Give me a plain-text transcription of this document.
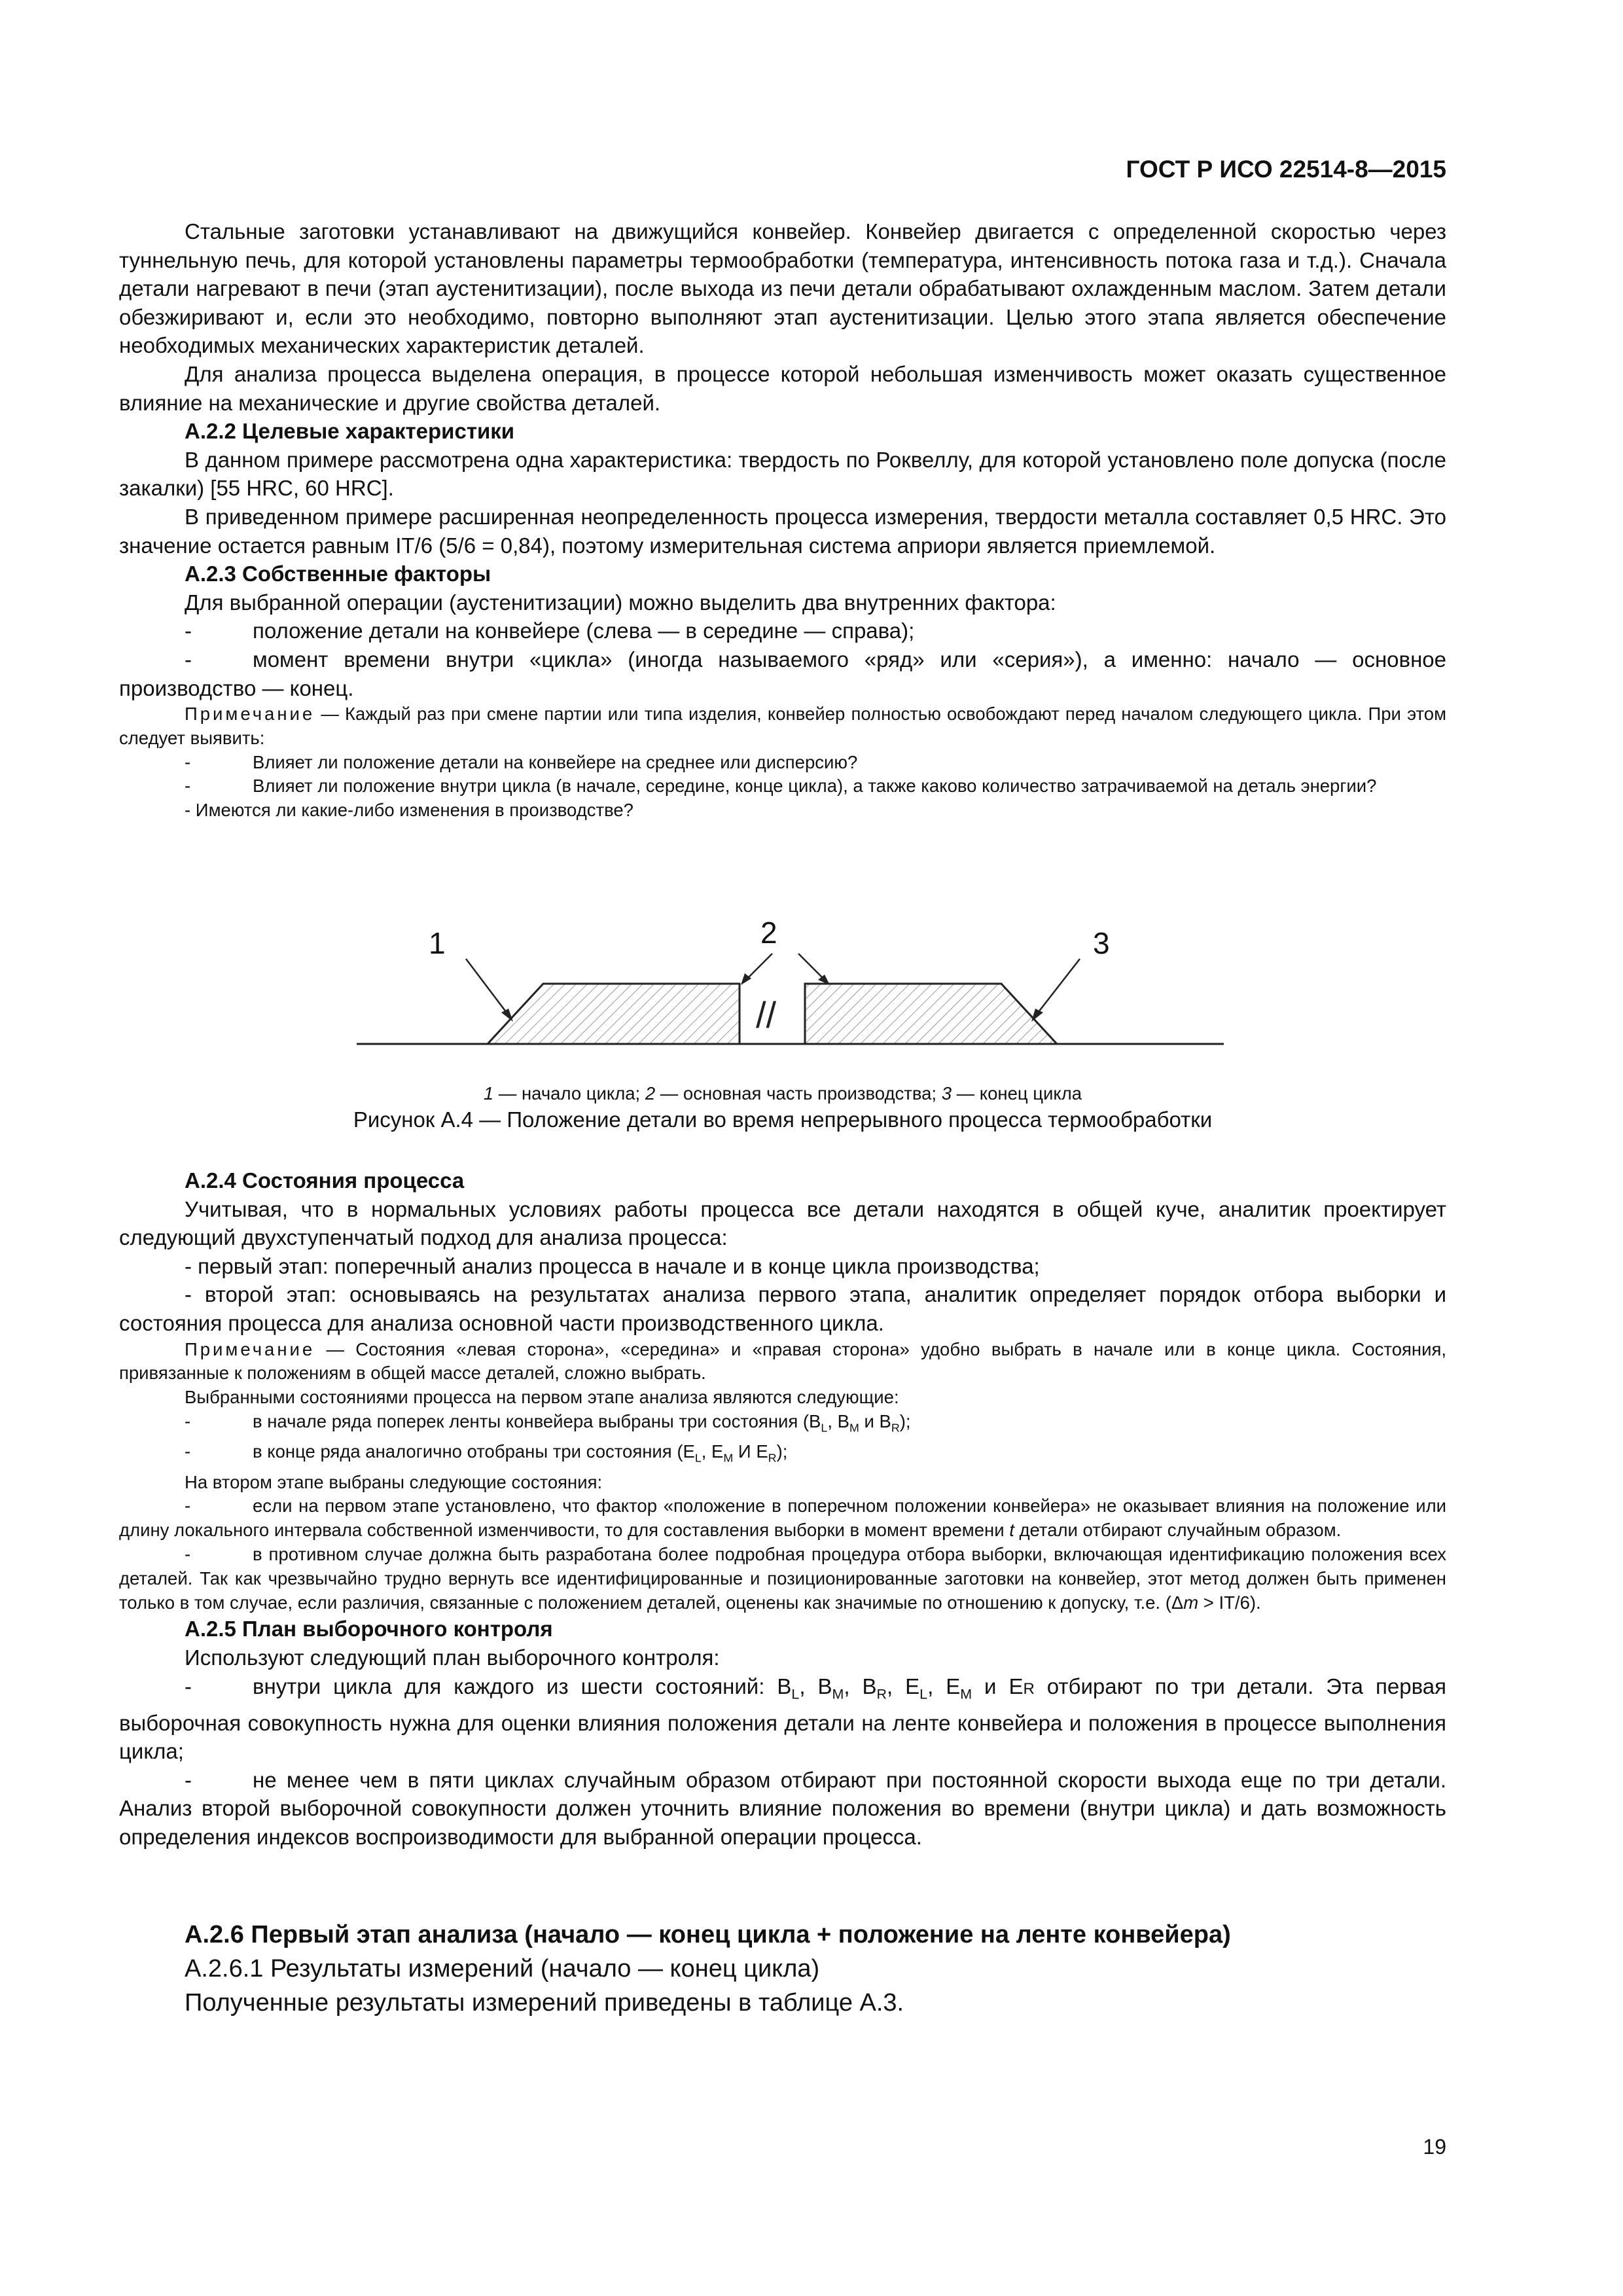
ГОСТ Р ИСО 22514-8—2015

Стальные заготовки устанавливают на движущийся конвейер. Конвейер двигается с определенной скоростью через туннельную печь, для которой установлены параметры термообработки (температура, интенсивность потока газа и т.д.). Сначала детали нагревают в печи (этап аустенитизации), после выхода из печи детали обрабатывают охлажденным маслом. Затем детали обезжиривают и, если это необходимо, повторно выполняют этап аустенитизации. Целью этого этапа является обеспечение необходимых механических характеристик деталей.

Для анализа процесса выделена операция, в процессе которой небольшая изменчивость может оказать существенное влияние на механические и другие свойства деталей.

А.2.2 Целевые характеристики

В данном примере рассмотрена одна характеристика: твердость по Роквеллу, для которой установлено поле допуска (после закалки) [55 HRC, 60 HRC].

В приведенном примере расширенная неопределенность процесса измерения, твердости металла составляет 0,5 HRC. Это значение остается равным IT/6 (5/6 = 0,84), поэтому измерительная система априори является приемлемой.

А.2.3 Собственные факторы

Для выбранной операции (аустенитизации) можно выделить два внутренних фактора:

-	положение детали на конвейере (слева — в середине — справа);

-	момент времени внутри «цикла» (иногда называемого «ряд» или «серия»), а именно: начало — основное производство — конец.

Примечание — Каждый раз при смене партии или типа изделия, конвейер полностью освобождают перед началом следующего цикла. При этом следует выявить:

-	Влияет ли положение детали на конвейере на среднее или дисперсию?

-	Влияет ли положение внутри цикла (в начале, середине, конце цикла), а также каково количество затрачиваемой на деталь энергии?

- Имеются ли какие-либо изменения в производстве?

//
1	2	3

1 — начало цикла; 2 — основная часть производства; 3 — конец цикла

Рисунок А.4 — Положение детали во время непрерывного процесса термообработки

А.2.4 Состояния процесса

Учитывая, что в нормальных условиях работы процесса все детали находятся в общей куче, аналитик проектирует следующий двухступенчатый подход для анализа процесса:

- первый этап: поперечный анализ процесса в начале и в конце цикла производства;

- второй этап: основываясь на результатах анализа первого этапа, аналитик определяет порядок отбора выборки и состояния процесса для анализа основной части производственного цикла.

Примечание — Состояния «левая сторона», «середина» и «правая сторона» удобно выбрать в начале или в конце цикла. Состояния, привязанные к положениям в общей массе деталей, сложно выбрать.

Выбранными состояниями процесса на первом этапе анализа являются следующие:

-	в начале ряда поперек ленты конвейера выбраны три состояния ($B_L$, $B_M$ и $B_R$);

-	в конце ряда аналогично отобраны три состояния ($E_L$, $E_M$ И $E_R$);

На втором этапе выбраны следующие состояния:

-	если на первом этапе установлено, что фактор «положение в поперечном положении конвейера» не оказывает влияния на положение или длину локального интервала собственной изменчивости, то для составления выборки в момент времени t детали отбирают случайным образом.

-	в противном случае должна быть разработана более подробная процедура отбора выборки, включающая идентификацию положения всех деталей. Так как чрезвычайно трудно вернуть все идентифицированные и позиционированные заготовки на конвейер, этот метод должен быть применен только в том случае, если различия, связанные с положением деталей, оценены как значимые по отношению к допуску, т.е. (Δm > IT/6).

А.2.5 План выборочного контроля

Используют следующий план выборочного контроля:

-	внутри цикла для каждого из шести состояний: $B_L$, $B_M$, $B_R$, $E_L$, $E_M$ и ER отбирают по три детали. Эта первая выборочная совокупность нужна для оценки влияния положения детали на ленте конвейера и положения в процессе выполнения цикла;

-	не менее чем в пяти циклах случайным образом отбирают при постоянной скорости выхода еще по три детали. Анализ второй выборочной совокупности должен уточнить влияние положения во времени (внутри цикла) и дать возможность определения индексов воспроизводимости для выбранной операции процесса.

А.2.6 Первый этап анализа (начало — конец цикла + положение на ленте конвейера)

А.2.6.1 Результаты измерений (начало — конец цикла)

Полученные результаты измерений приведены в таблице А.3.

19
